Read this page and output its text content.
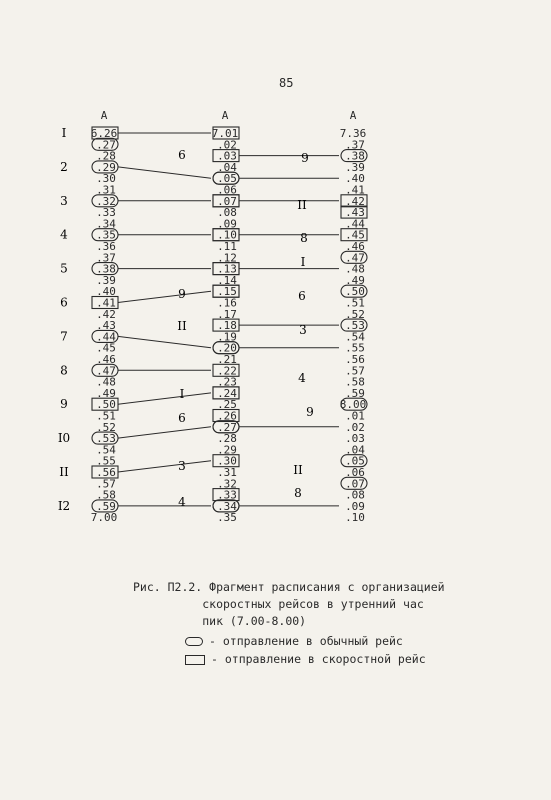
85
A	A	A
6.26
.27
.28
.29
.30
.31
.32
.33
.34
.35
.36
.37
.38
.39
.40
.41
.42
.43
.44
.45
.46
.47
.48
.49
.50
.51
.52
.53
.54
.55
.56
.57
.58
.59
7.00
7.01
.02
.03
.04
.05
.06
.07
.08
.09
.10
.11
.12
.13
.14
.15
.16
.17
.18
.19
.20
.21
.22
.23
.24
.25
.26
.27
.28
.29
.30
.31
.32
.33
.34
.35
7.36
.37
.38
.39
.40
.41
.42
.43
.44
.45
.46
.47
.48
.49
.50
.51
.52
.53
.54
.55
.56
.57
.58
.59
8.00
.01
.02
.03
.04
.05
.06
.07
.08
.09
.10
I
2
3
4
5
6
7
8
9
I0
II
I2
6
9
II
I
6
3
4
9
II
8
I
6
3
4
9
II
8
Рис. П2.2. Фрагмент расписания с организацией
скоростных рейсов в утренний час
пик (7.00-8.00)
- отправление в обычный рейс
- отправление в скоростной рейс
